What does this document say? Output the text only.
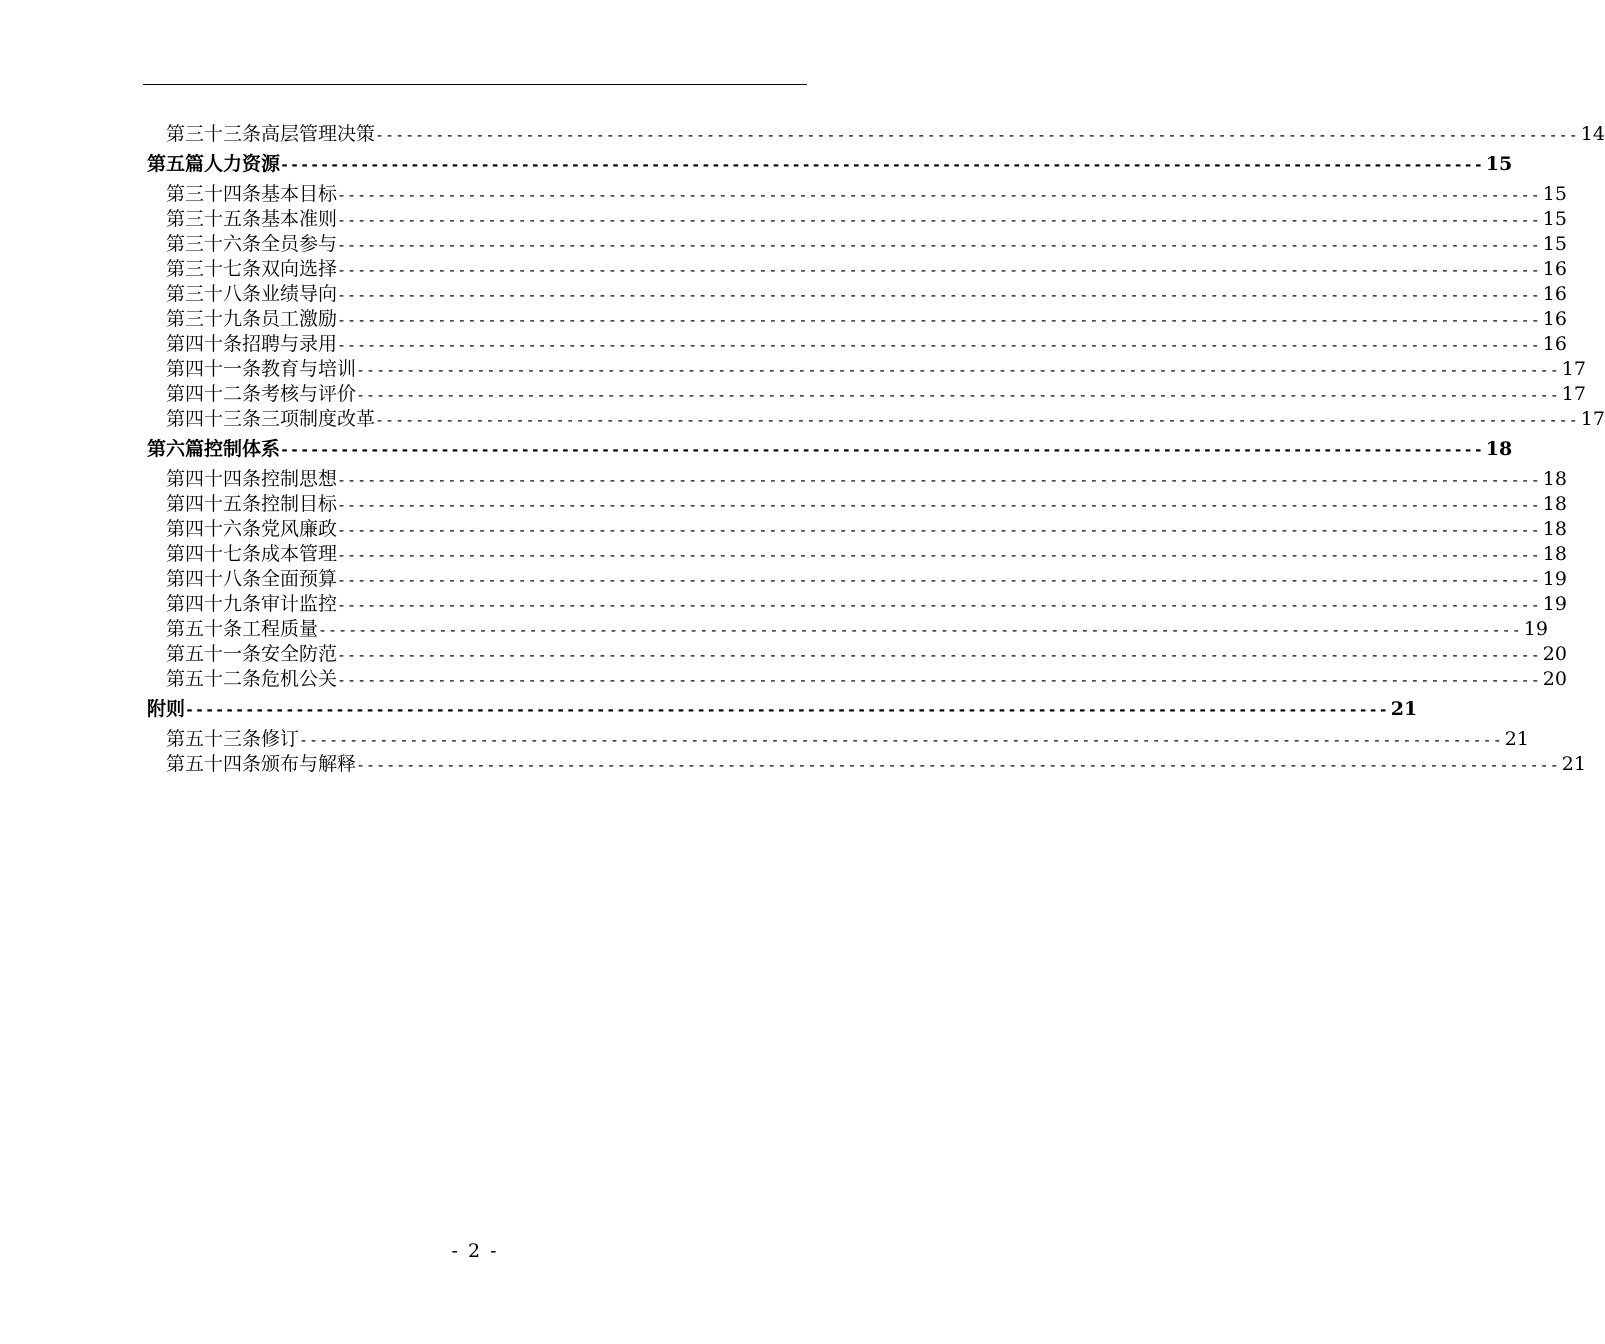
第三十三条 高层管理决策 ------------------------------------------------------------------------------------------------------------------------ 14
第五篇 人力资源 ------------------------------------------------------------------------------------------------------------------------ 15
第三十四条 基本目标 ------------------------------------------------------------------------------------------------------------------------ 15
第三十五条 基本准则 ------------------------------------------------------------------------------------------------------------------------ 15
第三十六条 全员参与 ------------------------------------------------------------------------------------------------------------------------ 15
第三十七条 双向选择 ------------------------------------------------------------------------------------------------------------------------ 16
第三十八条 业绩导向 ------------------------------------------------------------------------------------------------------------------------ 16
第三十九条 员工激励 ------------------------------------------------------------------------------------------------------------------------ 16
第四十条 招聘与录用 ------------------------------------------------------------------------------------------------------------------------ 16
第四十一条 教育与培训 ------------------------------------------------------------------------------------------------------------------------ 17
第四十二条 考核与评价 ------------------------------------------------------------------------------------------------------------------------ 17
第四十三条 三项制度改革 ------------------------------------------------------------------------------------------------------------------------ 17
第六篇 控制体系 ------------------------------------------------------------------------------------------------------------------------ 18
第四十四条 控制思想 ------------------------------------------------------------------------------------------------------------------------ 18
第四十五条 控制目标 ------------------------------------------------------------------------------------------------------------------------ 18
第四十六条 党风廉政 ------------------------------------------------------------------------------------------------------------------------ 18
第四十七条 成本管理 ------------------------------------------------------------------------------------------------------------------------ 18
第四十八条 全面预算 ------------------------------------------------------------------------------------------------------------------------ 19
第四十九条 审计监控 ------------------------------------------------------------------------------------------------------------------------ 19
第五十条 工程质量 ------------------------------------------------------------------------------------------------------------------------ 19
第五十一条 安全防范 ------------------------------------------------------------------------------------------------------------------------ 20
第五十二条 危机公关 ------------------------------------------------------------------------------------------------------------------------ 20
附则 ------------------------------------------------------------------------------------------------------------------------ 21
第五十三条 修订 ------------------------------------------------------------------------------------------------------------------------ 21
第五十四条 颁布与解释 ------------------------------------------------------------------------------------------------------------------------ 21
- 2 -
